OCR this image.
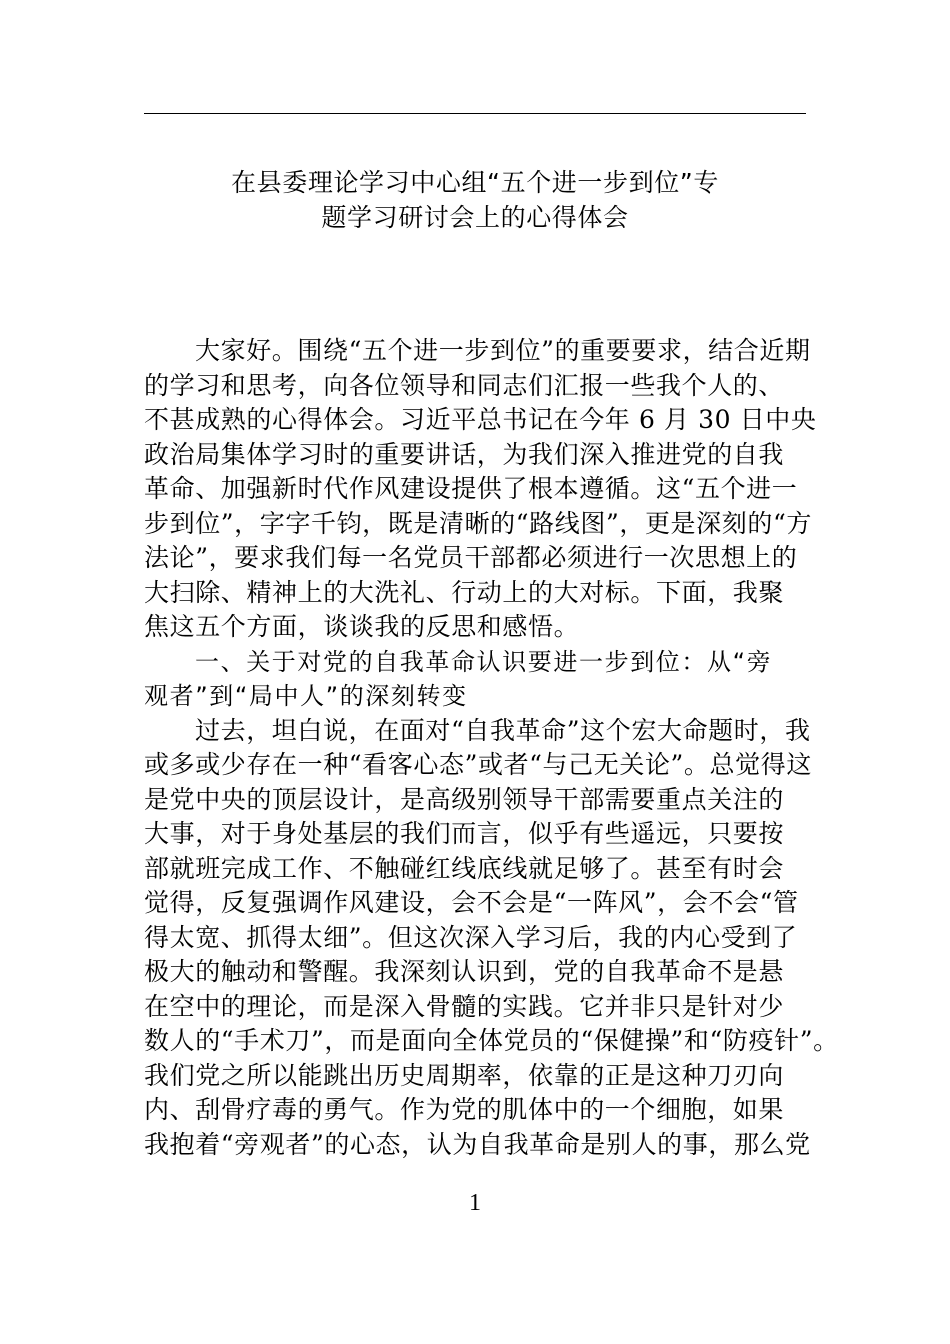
在县委理论学习中心组“五个进一步到位”专
题学习研讨会上的心得体会
大家好。围绕“五个进一步到位”的重要要求，结合近期
的学习和思考，向各位领导和同志们汇报一些我个人的、
不甚成熟的心得体会。习近平总书记在今年 6 月 30 日中央
政治局集体学习时的重要讲话，为我们深入推进党的自我
革命、加强新时代作风建设提供了根本遵循。这“五个进一
步到位”，字字千钧，既是清晰的“路线图”，更是深刻的“方
法论”，要求我们每一名党员干部都必须进行一次思想上的
大扫除、精神上的大洗礼、行动上的大对标。下面，我聚
焦这五个方面，谈谈我的反思和感悟。
一、关于对党的自我革命认识要进一步到位：从“旁
观者”到“局中人”的深刻转变
过去，坦白说，在面对“自我革命”这个宏大命题时，我
或多或少存在一种“看客心态”或者“与己无关论”。总觉得这
是党中央的顶层设计，是高级别领导干部需要重点关注的
大事，对于身处基层的我们而言，似乎有些遥远，只要按
部就班完成工作、不触碰红线底线就足够了。甚至有时会
觉得，反复强调作风建设，会不会是“一阵风”，会不会“管
得太宽、抓得太细”。但这次深入学习后，我的内心受到了
极大的触动和警醒。我深刻认识到，党的自我革命不是悬
在空中的理论，而是深入骨髓的实践。它并非只是针对少
数人的“手术刀”，而是面向全体党员的“保健操”和“防疫针”。
我们党之所以能跳出历史周期率，依靠的正是这种刀刃向
内、刮骨疗毒的勇气。作为党的肌体中的一个细胞，如果
我抱着“旁观者”的心态，认为自我革命是别人的事，那么党
1
